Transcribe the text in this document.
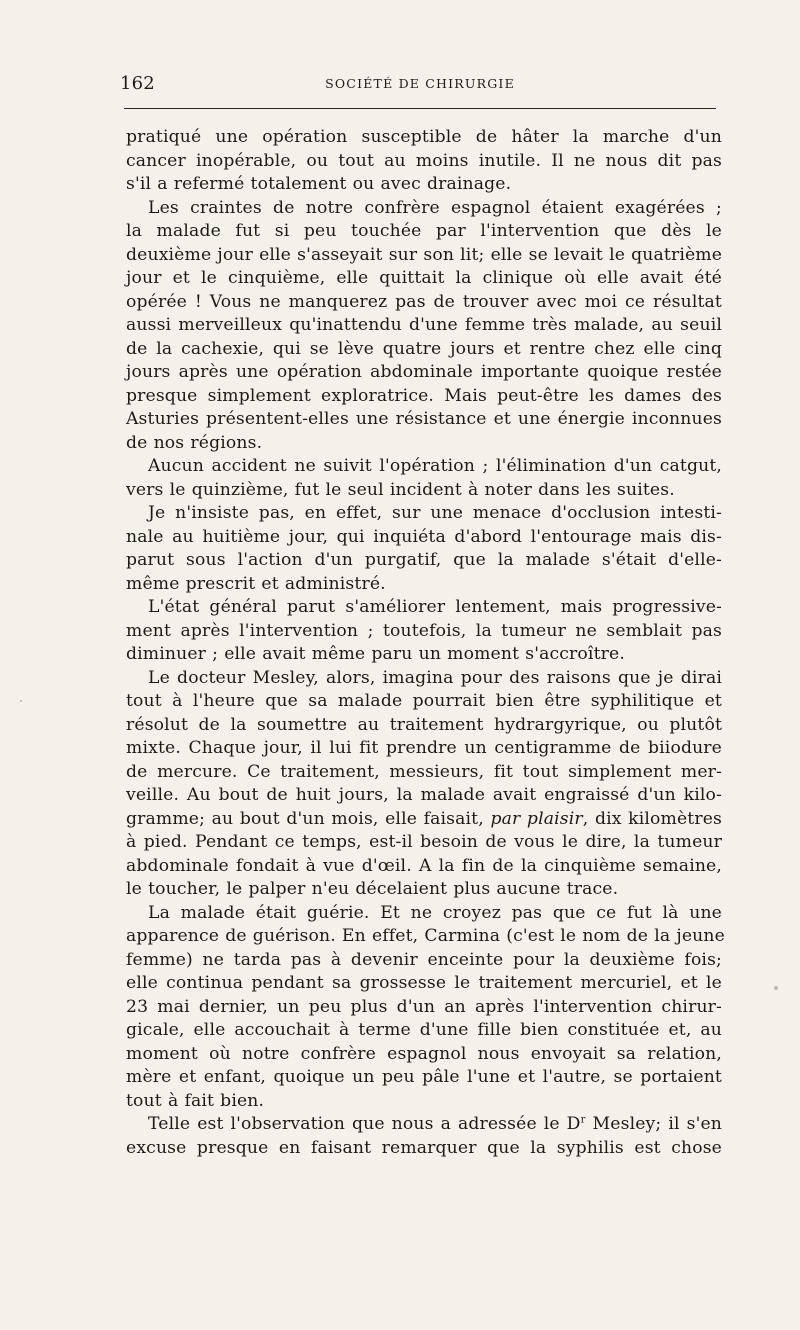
162	SOCIÉTÉ DE CHIRURGIE
pratiqué une opération susceptible de hâter la marche d'un
cancer inopérable, ou tout au moins inutile. Il ne nous dit pas
s'il a refermé totalement ou avec drainage.
Les craintes de notre confrère espagnol étaient exagérées ;
la malade fut si peu touchée par l'intervention que dès le
deuxième jour elle s'asseyait sur son lit; elle se levait le quatrième
jour et le cinquième, elle quittait la clinique où elle avait été
opérée ! Vous ne manquerez pas de trouver avec moi ce résultat
aussi merveilleux qu'inattendu d'une femme très malade, au seuil
de la cachexie, qui se lève quatre jours et rentre chez elle cinq
jours après une opération abdominale importante quoique restée
presque simplement exploratrice. Mais peut-être les dames des
Asturies présentent-elles une résistance et une énergie inconnues
de nos régions.
Aucun accident ne suivit l'opération ; l'élimination d'un catgut,
vers le quinzième, fut le seul incident à noter dans les suites.
Je n'insiste pas, en effet, sur une menace d'occlusion intesti-
nale au huitième jour, qui inquiéta d'abord l'entourage mais dis-
parut sous l'action d'un purgatif, que la malade s'était d'elle-
même prescrit et administré.
L'état général parut s'améliorer lentement, mais progressive-
ment après l'intervention ; toutefois, la tumeur ne semblait pas
diminuer ; elle avait même paru un moment s'accroître.
Le docteur Mesley, alors, imagina pour des raisons que je dirai
tout à l'heure que sa malade pourrait bien être syphilitique et
résolut de la soumettre au traitement hydrargyrique, ou plutôt
mixte. Chaque jour, il lui fit prendre un centigramme de biiodure
de mercure. Ce traitement, messieurs, fit tout simplement mer-
veille. Au bout de huit jours, la malade avait engraissé d'un kilo-
gramme; au bout d'un mois, elle faisait, par plaisir, dix kilomètres
à pied. Pendant ce temps, est-il besoin de vous le dire, la tumeur
abdominale fondait à vue d'œil. A la fin de la cinquième semaine,
le toucher, le palper n'eu décelaient plus aucune trace.
La malade était guérie. Et ne croyez pas que ce fut là une
apparence de guérison. En effet, Carmina (c'est le nom de la jeune
femme) ne tarda pas à devenir enceinte pour la deuxième fois;
elle continua pendant sa grossesse le traitement mercuriel, et le
23 mai dernier, un peu plus d'un an après l'intervention chirur-
gicale, elle accouchait à terme d'une fille bien constituée et, au
moment où notre confrère espagnol nous envoyait sa relation,
mère et enfant, quoique un peu pâle l'une et l'autre, se portaient
tout à fait bien.
Telle est l'observation que nous a adressée le $D^r$ Mesley; il s'en
excuse presque en faisant remarquer que la syphilis est chose
